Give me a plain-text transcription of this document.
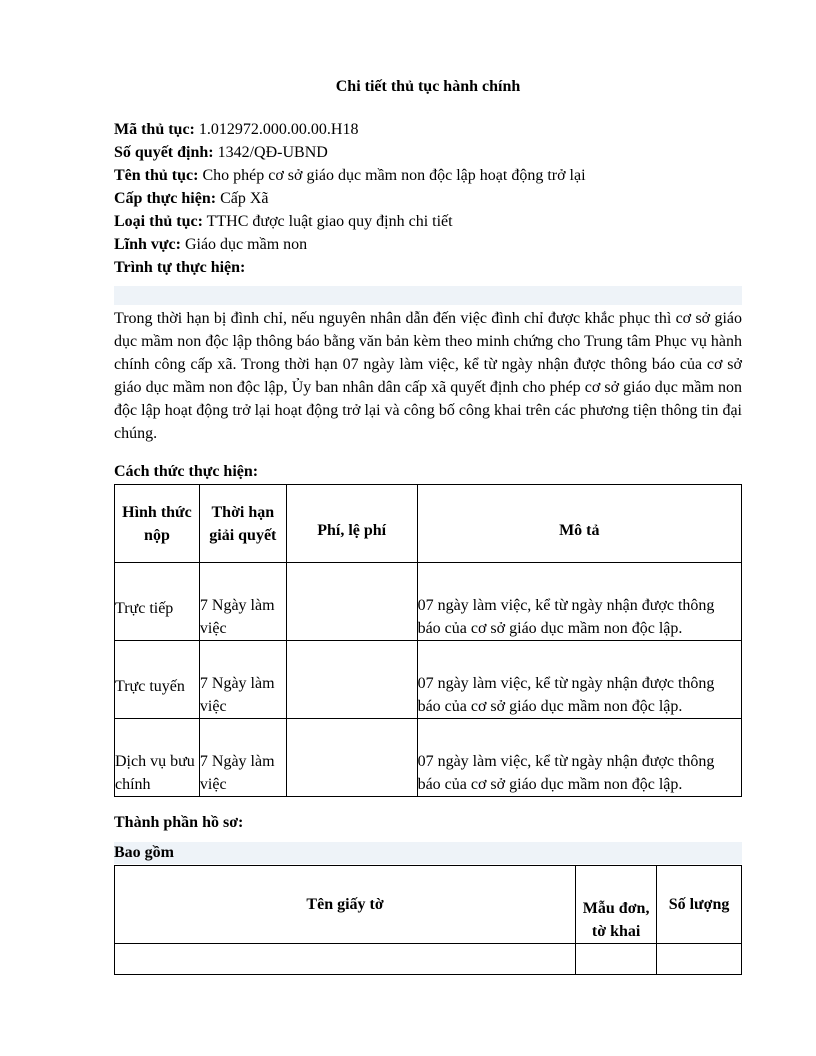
Chi tiết thủ tục hành chính
Mã thủ tục: 1.012972.000.00.00.H18
Số quyết định: 1342/QĐ-UBND
Tên thủ tục: Cho phép cơ sở giáo dục mầm non độc lập hoạt động trở lại
Cấp thực hiện: Cấp Xã
Loại thủ tục: TTHC được luật giao quy định chi tiết
Lĩnh vực: Giáo dục mầm non
Trình tự thực hiện:
Trong thời hạn bị đình chỉ, nếu nguyên nhân dẫn đến việc đình chỉ được khắc phục thì cơ sở giáo dục mầm non độc lập thông báo bằng văn bản kèm theo minh chứng cho Trung tâm Phục vụ hành chính công cấp xã. Trong thời hạn 07 ngày làm việc, kể từ ngày nhận được thông báo của cơ sở giáo dục mầm non độc lập, Ủy ban nhân dân cấp xã quyết định cho phép cơ sở giáo dục mầm non độc lập hoạt động trở lại hoạt động trở lại và công bố công khai trên các phương tiện thông tin đại chúng.
Cách thức thực hiện:
Hình thức nộp	Thời hạn giải quyết	Phí, lệ phí	Mô tả
Trực tiếp	7 Ngày làm việc		07 ngày làm việc, kể từ ngày nhận được thông báo của cơ sở giáo dục mầm non độc lập.
Trực tuyến	7 Ngày làm việc		07 ngày làm việc, kể từ ngày nhận được thông báo của cơ sở giáo dục mầm non độc lập.
Dịch vụ bưu chính	7 Ngày làm việc		07 ngày làm việc, kể từ ngày nhận được thông báo của cơ sở giáo dục mầm non độc lập.
Thành phần hồ sơ:
Bao gồm
Tên giấy tờ	Mẫu đơn, tờ khai	Số lượng
